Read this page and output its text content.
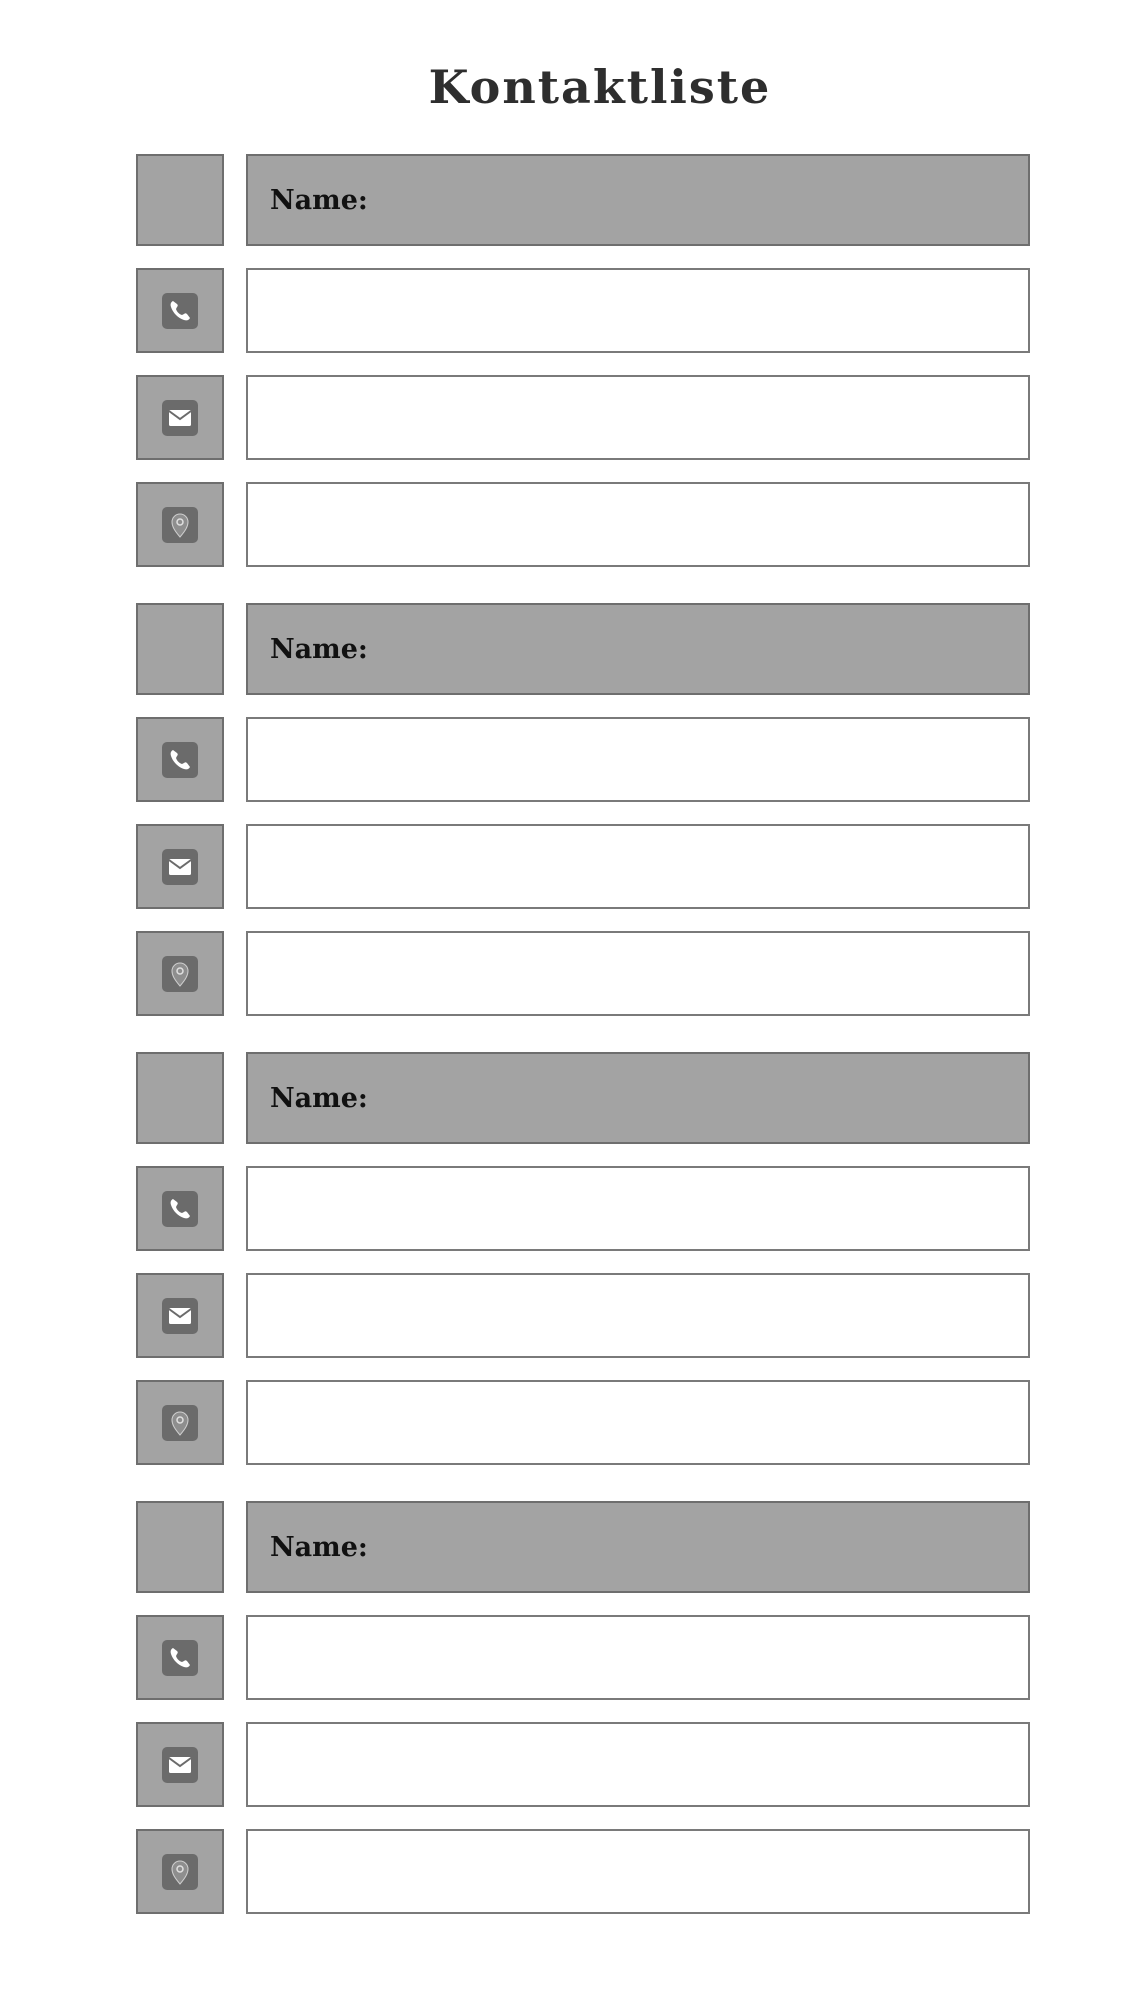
Kontaktliste
Name:
Name:
Name:
Name:
